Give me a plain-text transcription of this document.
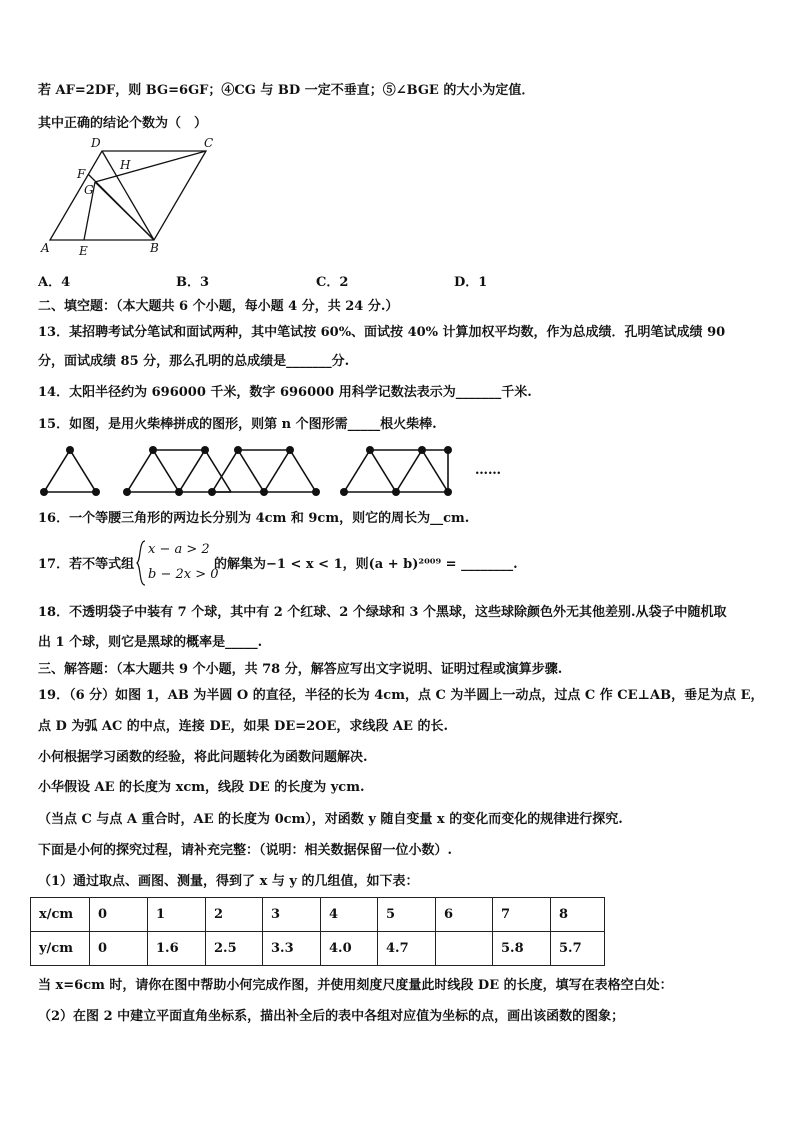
若 AF=2DF，则 BG=6GF；④CG 与 BD 一定不垂直；⑤∠BGE 的大小为定值．
其中正确的结论个数为（　）
D	C
H
F
G
A E	B
A．4	B．3	C．2	D．1
二、填空题：（本大题共 6 个小题，每小题 4 分，共 24 分.）
13．某招聘考试分笔试和面试两种，其中笔试按 60%、面试按 40% 计算加权平均数，作为总成绩．孔明笔试成绩 90
分，面试成绩 85 分，那么孔明的总成绩是_______分.
14．太阳半径约为 696000 千米，数字 696000 用科学记数法表示为_______千米.
15．如图，是用火柴棒拼成的图形，则第 n 个图形需_____根火柴棒.
……
16．一个等腰三角形的两边长分别为 4cm 和 9cm，则它的周长为__cm.
17．若不等式组
x − a > 2
b − 2x > 0
的解集为−1 < x < 1，则(a + b)²⁰⁰⁹ = ________.
18．不透明袋子中装有 7 个球，其中有 2 个红球、2 个绿球和 3 个黑球，这些球除颜色外无其他差别.从袋子中随机取
出 1 个球，则它是黑球的概率是_____.
三、解答题：（本大题共 9 个小题，共 78 分，解答应写出文字说明、证明过程或演算步骤.
19．（6 分）如图 1，AB 为半圆 O 的直径，半径的长为 4cm，点 C 为半圆上一动点，过点 C 作 CE⊥AB，垂足为点 E，
点 D 为弧 AC 的中点，连接 DE，如果 DE=2OE，求线段 AE 的长.
小何根据学习函数的经验，将此问题转化为函数问题解决.
小华假设 AE 的长度为 xcm，线段 DE 的长度为 ycm.
（当点 C 与点 A 重合时，AE 的长度为 0cm），对函数 y 随自变量 x 的变化而变化的规律进行探究.
下面是小何的探究过程，请补充完整：（说明：相关数据保留一位小数）.
（1）通过取点、画图、测量，得到了 x 与 y 的几组值，如下表：
x/cm	0	1	2	3	4	5	6	7	8
y/cm	0	1.6	2.5	3.3	4.0	4.7		5.8	5.7
当 x=6cm 时，请你在图中帮助小何完成作图，并使用刻度尺度量此时线段 DE 的长度，填写在表格空白处：
（2）在图 2 中建立平面直角坐标系，描出补全后的表中各组对应值为坐标的点，画出该函数的图象；
